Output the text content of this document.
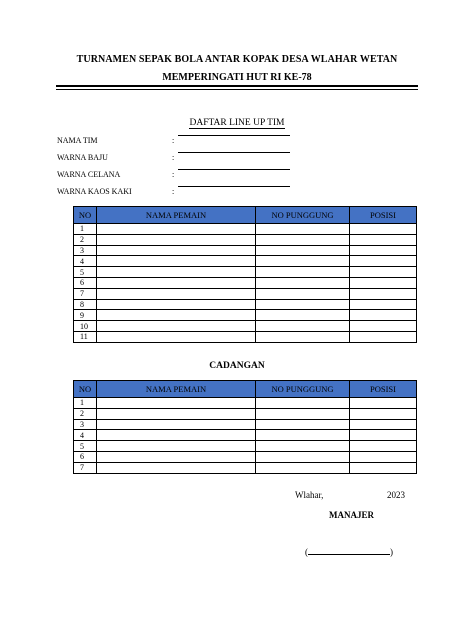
TURNAMEN SEPAK BOLA ANTAR KOPAK DESA WLAHAR WETAN
MEMPERINGATI HUT RI KE-78
DAFTAR LINE UP TIM
NAMA TIM	:
WARNA BAJU	:
WARNA CELANA	:
WARNA KAOS KAKI	:
NO	NAMA PEMAIN	NO PUNGGUNG	POSISI
1			
2			
3			
4			
5			
6			
7			
8			
9			
10			
11			
CADANGAN
NO	NAMA PEMAIN	NO PUNGGUNG	POSISI
1			
2			
3			
4			
5			
6			
7			
Wlahar,	2023
MANAJER
(	)
